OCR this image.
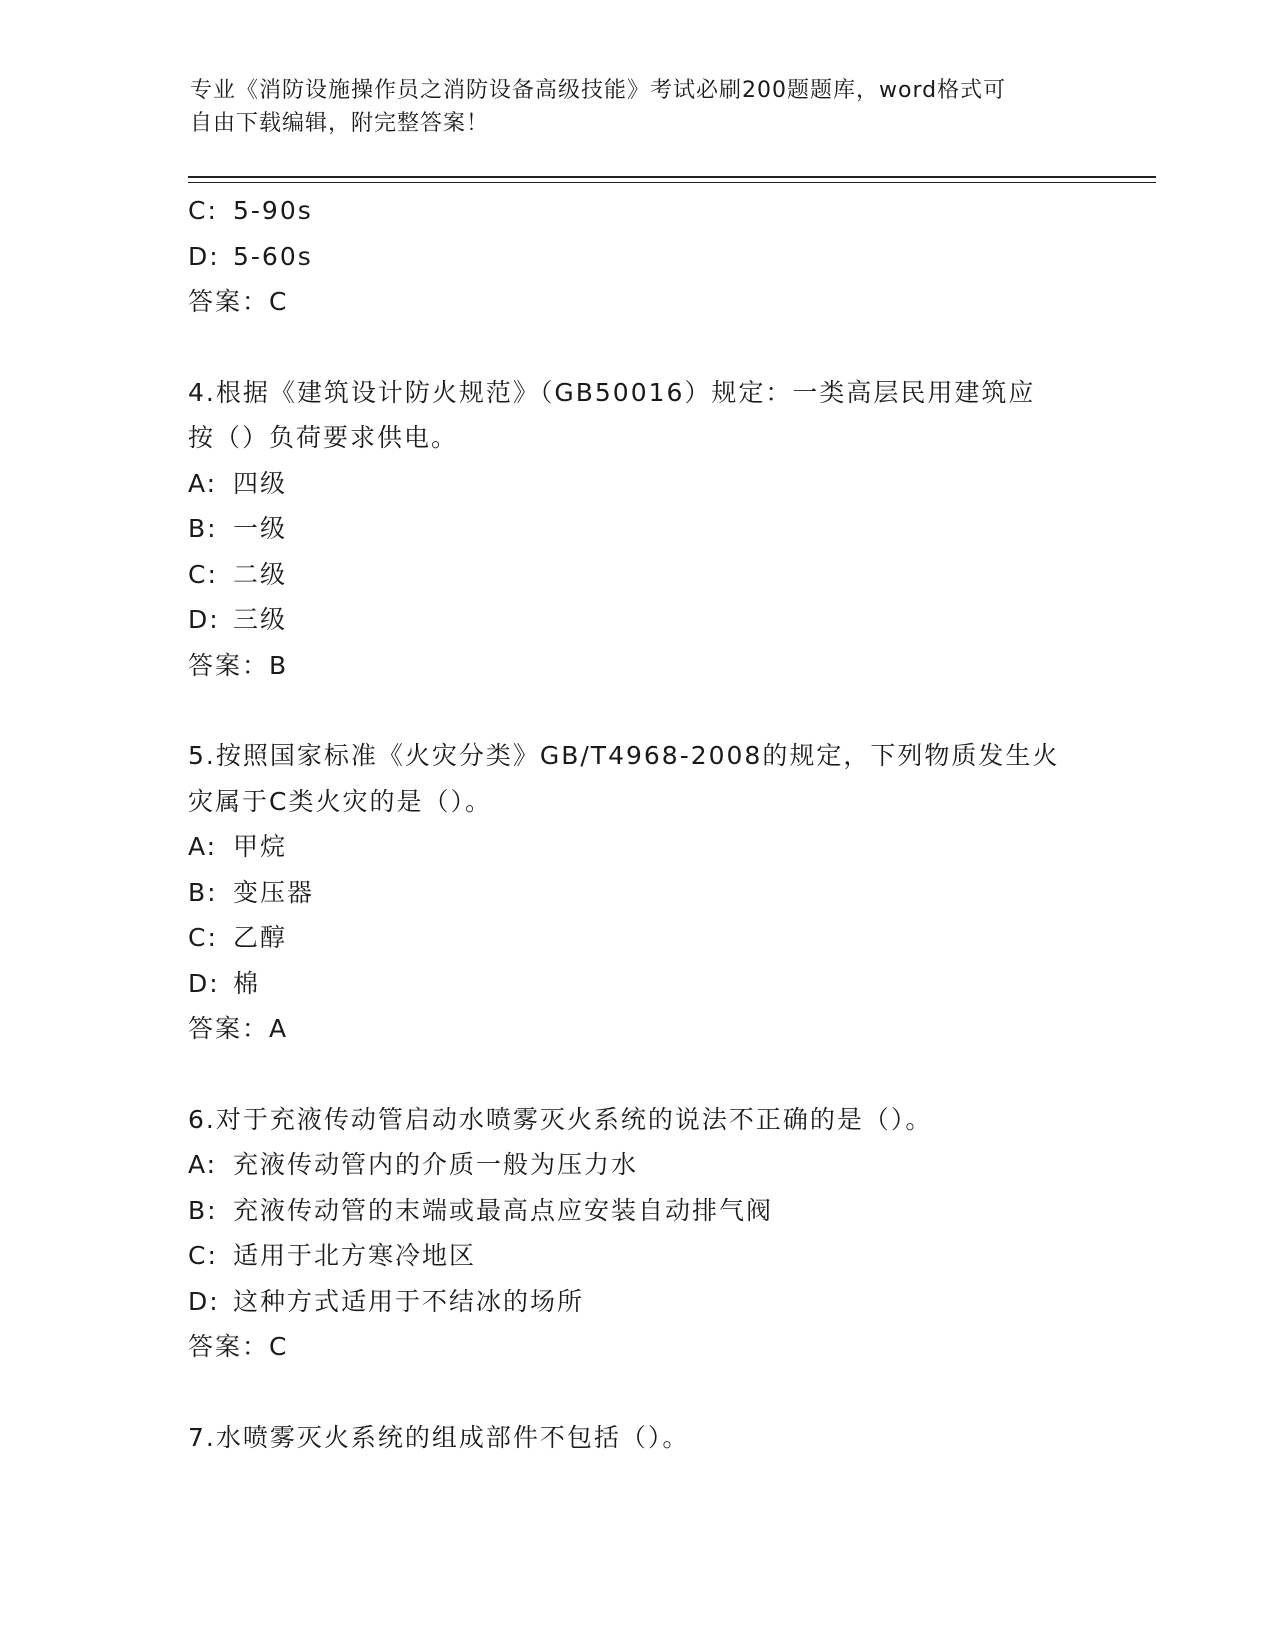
专业《消防设施操作员之消防设备高级技能》考试必刷200题题库，word格式可
自由下载编辑，附完整答案！
C: 5-90s
D: 5-60s
答案：C
4.根据《建筑设计防火规范》（GB50016）规定：一类高层民用建筑应
按（）负荷要求供电。
A: 四级
B: 一级
C: 二级
D: 三级
答案：B
5.按照国家标准《火灾分类》GB/T4968-2008的规定，下列物质发生火
灾属于C类火灾的是（）。
A: 甲烷
B: 变压器
C: 乙醇
D: 棉
答案：A
6.对于充液传动管启动水喷雾灭火系统的说法不正确的是（）。
A: 充液传动管内的介质一般为压力水
B: 充液传动管的末端或最高点应安装自动排气阀
C: 适用于北方寒冷地区
D: 这种方式适用于不结冰的场所
答案：C
7.水喷雾灭火系统的组成部件不包括（）。
